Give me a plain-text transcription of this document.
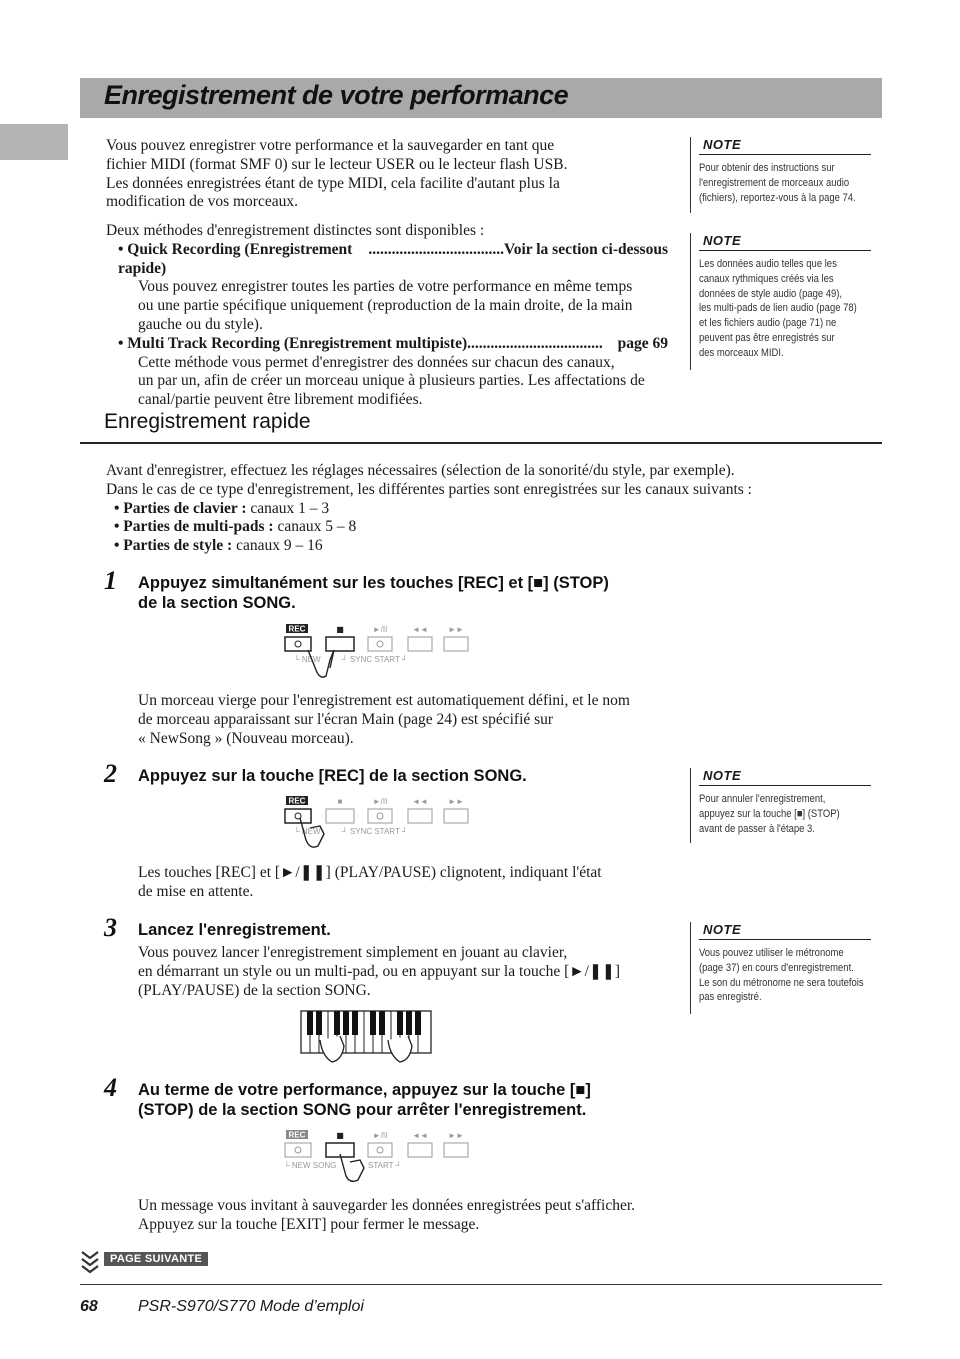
Enregistrement de votre performance
Vous pouvez enregistrer votre performance et la sauvegarder en tant que
fichier MIDI (format SMF 0) sur le lecteur USER ou le lecteur flash USB.
Les données enregistrées étant de type MIDI, cela facilite d'autant plus la
modification de vos morceaux.
Deux méthodes d'enregistrement distinctes sont disponibles :
• Quick Recording (Enregistrement rapide)
................................... Voir la section ci-dessous
Vous pouvez enregistrer toutes les parties de votre performance en même temps
ou une partie spécifique uniquement (reproduction de la main droite, de la main
gauche ou du style).
• Multi Track Recording (Enregistrement multipiste) ................................... page 69
Cette méthode vous permet d'enregistrer des données sur chacun des canaux,
un par un, afin de créer un morceau unique à plusieurs parties. Les affectations de
canal/partie peuvent être librement modifiées.
NOTE
Pour obtenir des instructions sur
l'enregistrement de morceaux audio
(fichiers), reportez-vous à la page 74.
NOTE
Les données audio telles que les
canaux rythmiques créés via les
données de style audio (page 49),
les multi-pads de lien audio (page 78)
et les fichiers audio (page 71) ne
peuvent pas être enregistrés sur
des morceaux MIDI.
Enregistrement rapide
Avant d'enregistrer, effectuez les réglages nécessaires (sélection de la sonorité/du style, par exemple).
Dans le cas de ce type d'enregistrement, les différentes parties sont enregistrées sur les canaux suivants :
• Parties de clavier : canaux 1 – 3
• Parties de multi-pads : canaux 5 – 8
• Parties de style : canaux 9 – 16
1 Appuyez simultanément sur les touches [REC] et [■] (STOP)
de la section SONG.
REC	■	►/II	◄◄	►►
└ NEW	┘ SYNC START ┘
Un morceau vierge pour l'enregistrement est automatiquement défini, et le nom
de morceau apparaissant sur l'écran Main (page 24) est spécifié sur
« NewSong » (Nouveau morceau).
2 Appuyez sur la touche [REC] de la section SONG.	NOTE
Pour annuler l'enregistrement,
appuyez sur la touche [■] (STOP)
avant de passer à l'étape 3.
REC	■	►/II	◄◄	►►
└ NEW	┘ SYNC START ┘
Les touches [REC] et [►/❚❚] (PLAY/PAUSE) clignotent, indiquant l'état
de mise en attente.
3 Lancez l'enregistrement.	NOTE
Vous pouvez utiliser le métronome
(page 37) en cours d'enregistrement.
Le son du métronome ne sera toutefois
pas enregistré.
Vous pouvez lancer l'enregistrement simplement en jouant au clavier,
en démarrant un style ou un multi-pad, ou en appuyant sur la touche [►/❚❚]
(PLAY/PAUSE) de la section SONG.
4 Au terme de votre performance, appuyez sur la touche [■]
(STOP) de la section SONG pour arrêter l'enregistrement.
REC	■	►/II	◄◄	►►
└ NEW SONG	START ┘
Un message vous invitant à sauvegarder les données enregistrées peut s'afficher.
Appuyez sur la touche [EXIT] pour fermer le message.
PAGE SUIVANTE
68	PSR-S970/S770 Mode d’emploi
